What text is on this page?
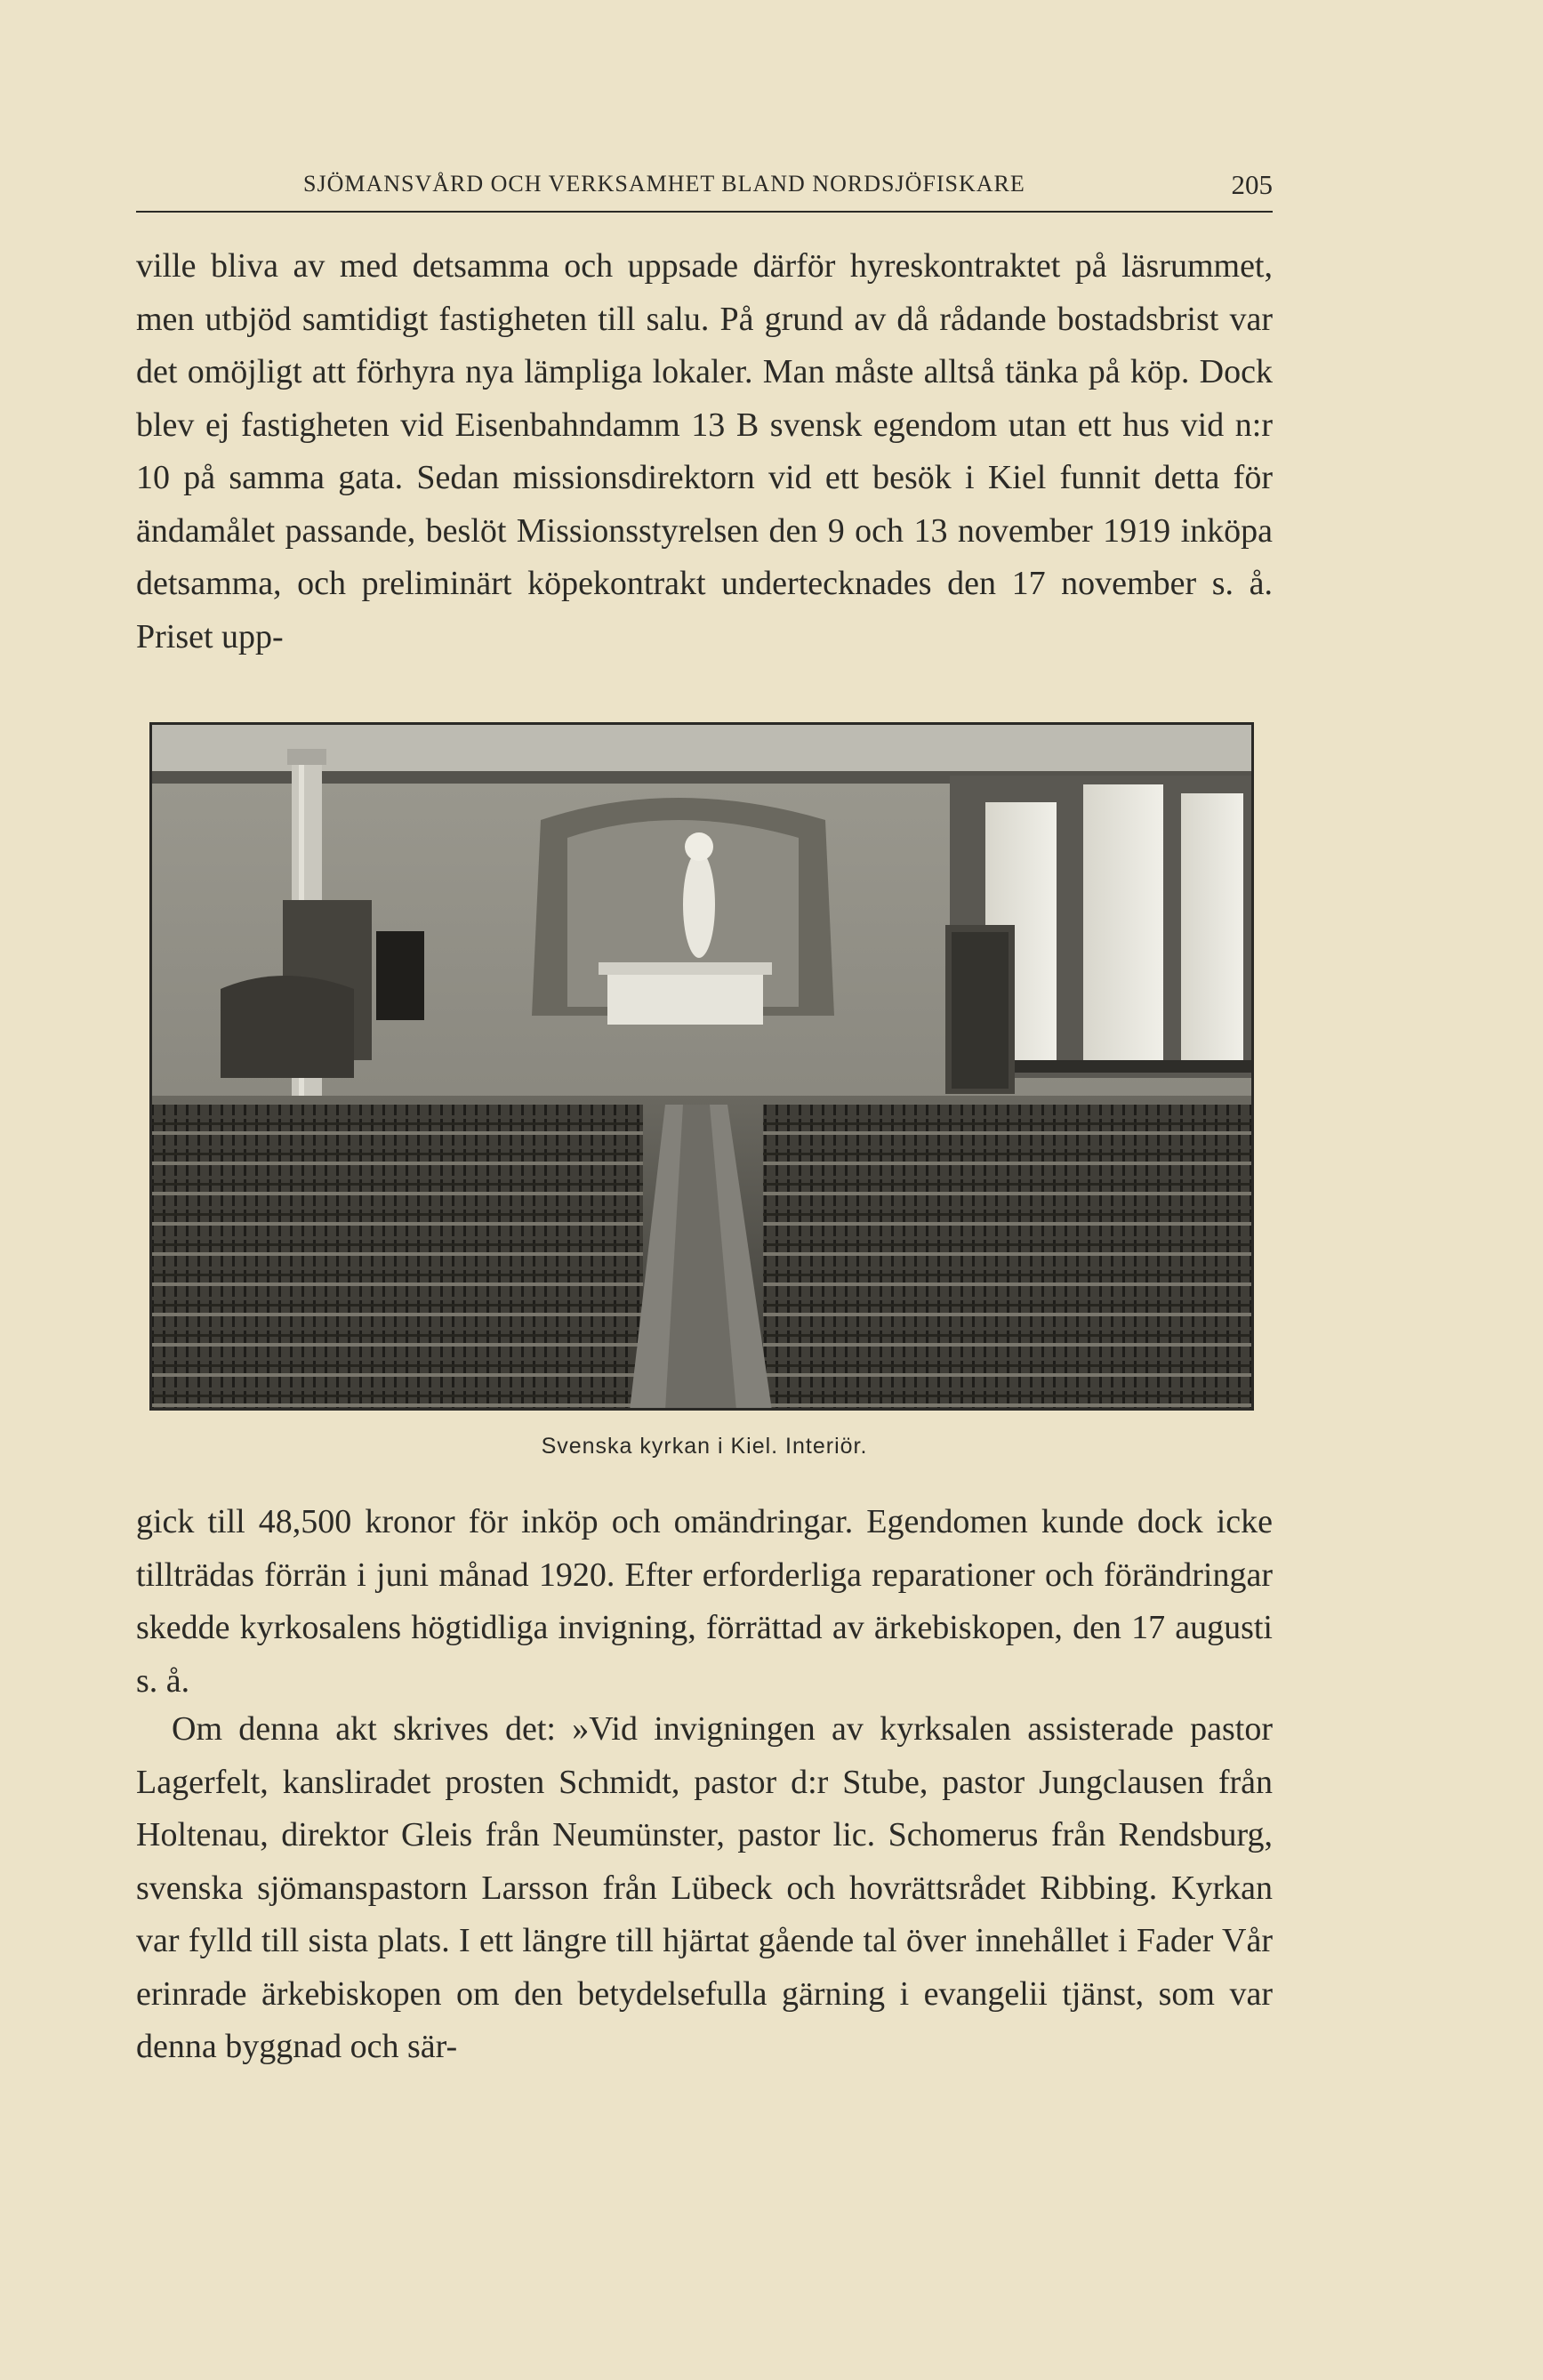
SJÖMANSVÅRD OCH VERKSAMHET BLAND NORDSJÖFISKARE	205

ville bliva av med detsamma och uppsade därför hyreskontraktet på läsrummet, men utbjöd samtidigt fastigheten till salu. På grund av då rådande bostadsbrist var det omöjligt att förhyra nya lämpliga lokaler. Man måste alltså tänka på köp. Dock blev ej fastigheten vid Eisenbahndamm 13 B svensk egendom utan ett hus vid n:r 10 på samma gata. Sedan missionsdirektorn vid ett besök i Kiel funnit detta för ändamålet passande, beslöt Missionsstyrelsen den 9 och 13 november 1919 inköpa detsamma, och preliminärt köpekontrakt undertecknades den 17 november s. å. Priset upp-

Svenska kyrkan i Kiel. Interiör.

gick till 48,500 kronor för inköp och omändringar. Egendomen kunde dock icke tillträdas förrän i juni månad 1920. Efter erforderliga reparationer och förändringar skedde kyrkosalens högtidliga invigning, förrättad av ärkebiskopen, den 17 augusti s. å.

Om denna akt skrives det: »Vid invigningen av kyrksalen assisterade pastor Lagerfelt, kansliradet prosten Schmidt, pastor d:r Stube, pastor Jungclausen från Holtenau, direktor Gleis från Neumünster, pastor lic. Schomerus från Rendsburg, svenska sjömanspastorn Larsson från Lübeck och hovrättsrådet Ribbing. Kyrkan var fylld till sista plats. I ett längre till hjärtat gående tal över innehållet i Fader Vår erinrade ärkebiskopen om den betydelsefulla gärning i evangelii tjänst, som var denna byggnad och sär-
